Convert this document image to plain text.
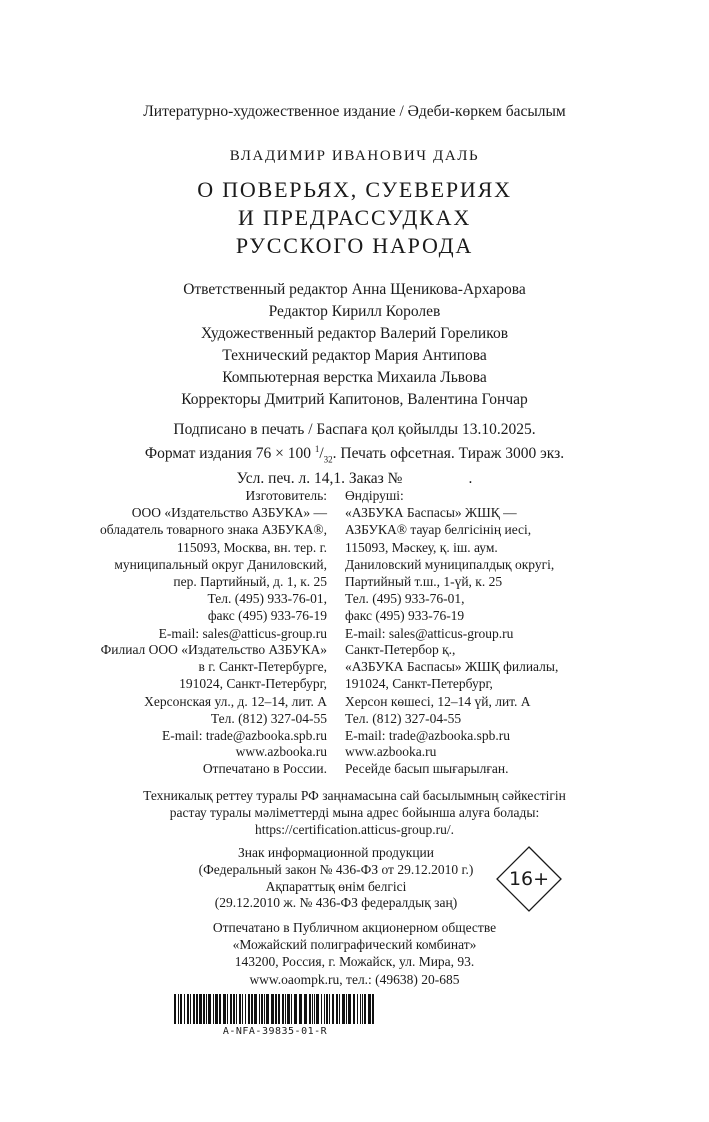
Литературно-художественное издание / Әдеби-көркем басылым
ВЛАДИМИР ИВАНОВИЧ ДАЛЬ
О ПОВЕРЬЯХ, СУЕВЕРИЯХ
И ПРЕДРАССУДКАХ
РУССКОГО НАРОДА
Ответственный редактор Анна Щеникова-Архарова
Редактор Кирилл Королев
Художественный редактор Валерий Гореликов
Технический редактор Мария Антипова
Компьютерная верстка Михаила Львова
Корректоры Дмитрий Капитонов, Валентина Гончар
Подписано в печать / Баспаға қол қойылды 13.10.2025.
Формат издания 76 × 100 $^1/_{32}$. Печать офсетная. Тираж 3000 экз.
Усл. печ. л. 14,1. Заказ №	.
Изготовитель:
ООО «Издательство АЗБУКА» —
обладатель товарного знака АЗБУКА®,
115093, Москва, вн. тер. г.
муниципальный округ Даниловский,
пер. Партийный, д. 1, к. 25
Тел. (495) 933-76-01,
факс (495) 933-76-19
E-mail: sales@atticus-group.ru
Өндіруші:
«АЗБУКА Баспасы» ЖШҚ —
АЗБУКА® тауар белгісінің иесі,
115093, Мәскеу, қ. іш. аум.
Даниловский муниципалдық округі,
Партийный т.ш., 1-үй, к. 25
Тел. (495) 933-76-01,
факс (495) 933-76-19
E-mail: sales@atticus-group.ru
Филиал ООО «Издательство АЗБУКА»
в г. Санкт-Петербурге,
191024, Санкт-Петербург,
Херсонская ул., д. 12–14, лит. А
Тел. (812) 327-04-55
E-mail: trade@azbooka.spb.ru
Санкт-Петербор қ.,
«АЗБУКА Баспасы» ЖШҚ филиалы,
191024, Санкт-Петербург,
Херсон көшесі, 12–14 үй, лит. А
Тел. (812) 327-04-55
E-mail: trade@azbooka.spb.ru
www.azbooka.ru
Отпечатано в России.
www.azbooka.ru
Ресейде басып шығарылған.
Техникалық реттеу туралы РФ заңнамасына сай басылымның сәйкестігін
растау туралы мәліметтерді мына адрес бойынша алуға болады:
https://certification.atticus-group.ru/.
Знак информационной продукции
(Федеральный закон № 436-ФЗ от 29.12.2010 г.)
Ақпараттық өнім белгісі
(29.12.2010 ж. № 436-ФЗ федералдық заң)
16+
Отпечатано в Публичном акционерном обществе
«Можайский полиграфический комбинат»
143200, Россия, г. Можайск, ул. Мира, 93.
www.oaompk.ru, тел.: (49638) 20-685
A-NFA-39835-01-R
